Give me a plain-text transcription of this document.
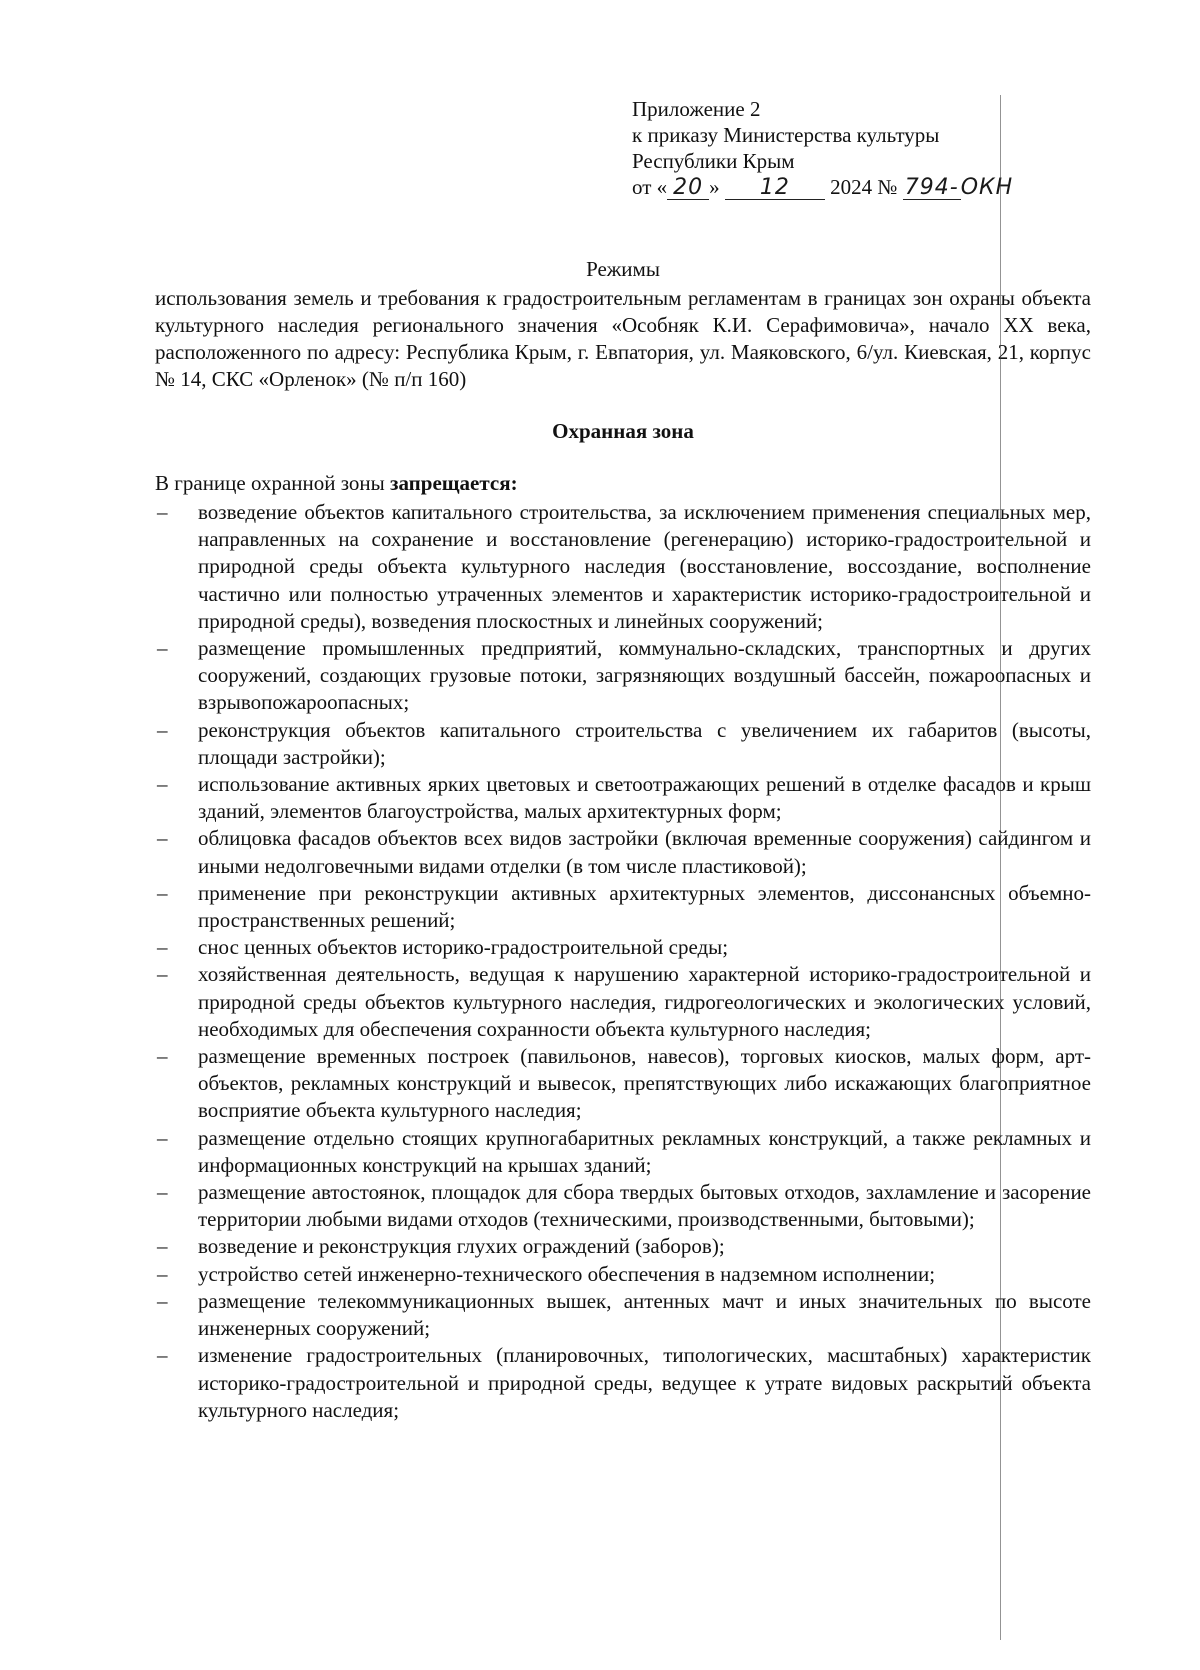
Приложение 2
к приказу Министерства культуры
Республики Крым
от « 20 » 12 2024 № 794-ОКН
Режимы
использования земель и требования к градостроительным регламентам в границах зон охраны объекта культурного наследия регионального значения «Особняк К.И. Серафимовича», начало XX века, расположенного по адресу: Республика Крым, г. Евпатория, ул. Маяковского, 6/ул. Киевская, 21, корпус № 14, СКС «Орленок» (№ п/п 160)
Охранная зона
В границе охранной зоны запрещается:
– возведение объектов капитального строительства, за исключением применения специальных мер, направленных на сохранение и восстановление (регенерацию) историко-градостроительной и природной среды объекта культурного наследия (восстановление, воссоздание, восполнение частично или полностью утраченных элементов и характеристик историко-градостроительной и природной среды), возведения плоскостных и линейных сооружений;
– размещение промышленных предприятий, коммунально-складских, транспортных и других сооружений, создающих грузовые потоки, загрязняющих воздушный бассейн, пожароопасных и взрывопожароопасных;
– реконструкция объектов капитального строительства с увеличением их габаритов (высоты, площади застройки);
– использование активных ярких цветовых и светоотражающих решений в отделке фасадов и крыш зданий, элементов благоустройства, малых архитектурных форм;
– облицовка фасадов объектов всех видов застройки (включая временные сооружения) сайдингом и иными недолговечными видами отделки (в том числе пластиковой);
– применение при реконструкции активных архитектурных элементов, диссонансных объемно-пространственных решений;
– снос ценных объектов историко-градостроительной среды;
– хозяйственная деятельность, ведущая к нарушению характерной историко-градостроительной и природной среды объектов культурного наследия, гидрогеологических и экологических условий, необходимых для обеспечения сохранности объекта культурного наследия;
– размещение временных построек (павильонов, навесов), торговых киосков, малых форм, арт-объектов, рекламных конструкций и вывесок, препятствующих либо искажающих благоприятное восприятие объекта культурного наследия;
– размещение отдельно стоящих крупногабаритных рекламных конструкций, а также рекламных и информационных конструкций на крышах зданий;
– размещение автостоянок, площадок для сбора твердых бытовых отходов, захламление и засорение территории любыми видами отходов (техническими, производственными, бытовыми);
– возведение и реконструкция глухих ограждений (заборов);
– устройство сетей инженерно-технического обеспечения в надземном исполнении;
– размещение телекоммуникационных вышек, антенных мачт и иных значительных по высоте инженерных сооружений;
– изменение градостроительных (планировочных, типологических, масштабных) характеристик историко-градостроительной и природной среды, ведущее к утрате видовых раскрытий объекта культурного наследия;
